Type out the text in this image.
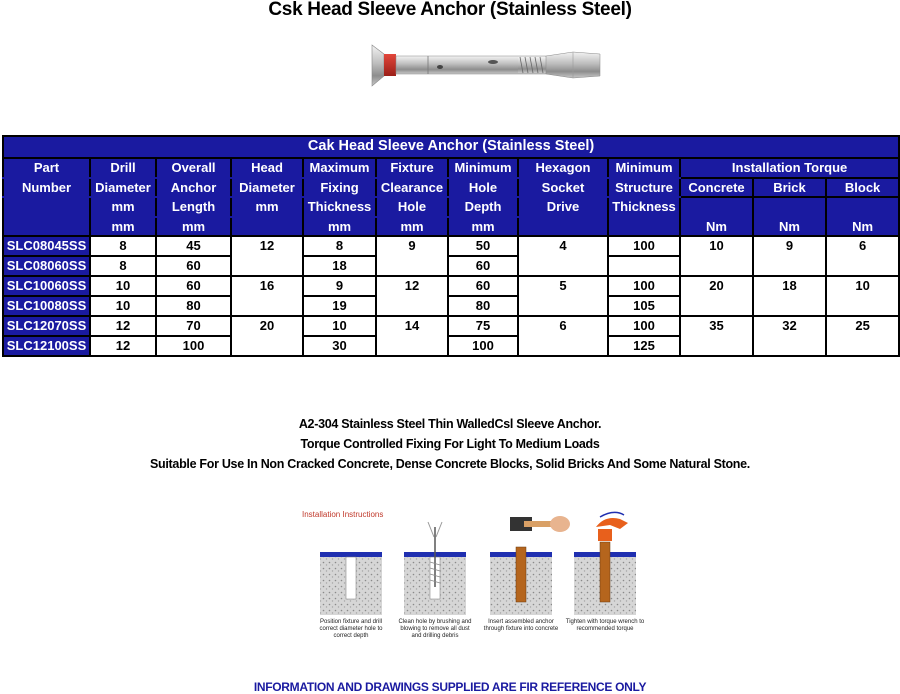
Csk Head Sleeve Anchor (Stainless Steel)
Cak Head Sleeve Anchor (Stainless Steel)											
Part	Drill	Overall	Head	Maximum	Fixture	Minimum	Hexagon	Minimum	Installation Torque		
Number	Diameter	Anchor	Diameter	Fixing	Clearance	Hole	Socket	Structure	Concrete	Brick	Block
	mm	Length	mm	Thickness	Hole	Depth	Drive	Thickness	Nm	Nm	Nm
	mm	mm		mm	mm	mm					
SLC08045SS	8	45	12	8	9	50	4	100	10	9	6
SLC08060SS	8	60		18		60					
SLC10060SS	10	60	16	9	12	60	5	100	20	18	10
SLC10080SS	10	80		19		80		105			
SLC12070SS	12	70	20	10	14	75	6	100	35	32	25
SLC12100SS	12	100		30		100		125			
A2-304 Stainless Steel Thin WalledCsl Sleeve Anchor.
Torque Controlled Fixing For Light To Medium Loads
Suitable For Use In Non Cracked Concrete, Dense Concrete Blocks, Solid Bricks And Some Natural Stone.
Installation Instructions
Position fixture and drill correct diameter hole to correct depth
Clean hole by brushing and blowing to remove all dust and drilling debris
Insert assembled anchor through fixture into concrete
Tighten with torque wrench to recommended torque
INFORMATION AND DRAWINGS SUPPLIED ARE FIR REFERENCE ONLY
